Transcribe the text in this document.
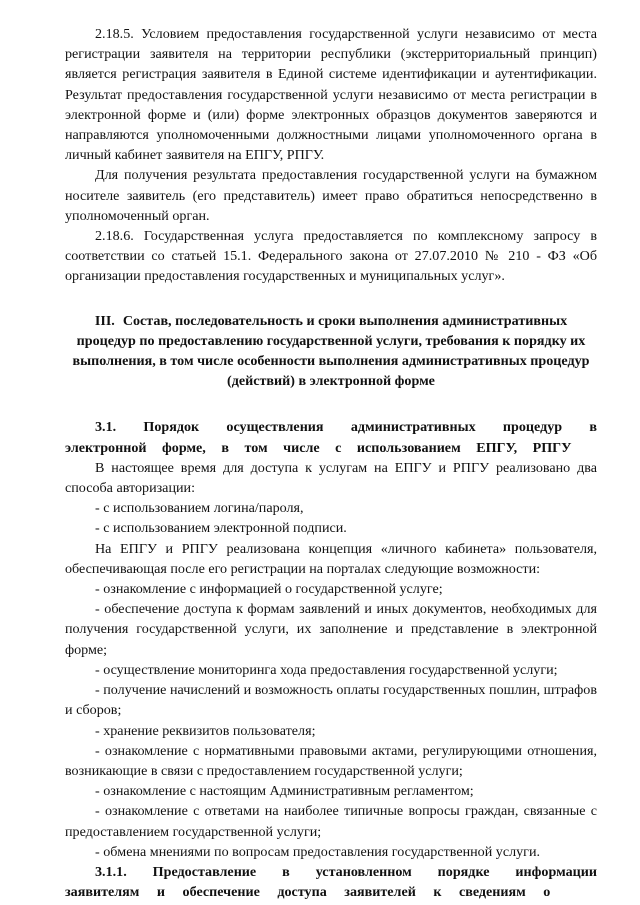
2.18.5. Условием предоставления государственной услуги независимо от места регистрации заявителя на территории республики (экстерриториальный принцип) является регистрация заявителя в Единой системе идентификации и аутентификации. Результат предоставления государственной услуги независимо от места регистрации в электронной форме и (или) форме электронных образцов документов заверяются и направляются уполномоченными должностными лицами уполномоченного органа в личный кабинет заявителя на ЕПГУ, РПГУ.

Для получения результата предоставления государственной услуги на бумажном носителе заявитель (его представитель) имеет право обратиться непосредственно в уполномоченный орган.

2.18.6. Государственная услуга предоставляется по комплексному запросу в соответствии со статьей 15.1. Федерального закона от 27.07.2010 № 210 - ФЗ «Об организации предоставления государственных и муниципальных услуг».

III. Состав, последовательность и сроки выполнения административных процедур по предоставлению государственной услуги, требования к порядку их выполнения, в том числе особенности выполнения административных процедур (действий) в электронной форме

3.1. Порядок осуществления административных процедур в электронной форме, в том числе с использованием ЕПГУ, РПГУ

В настоящее время для доступа к услугам на ЕПГУ и РПГУ реализовано два способа авторизации:

- с использованием логина/пароля,

- с использованием электронной подписи.

На ЕПГУ и РПГУ реализована концепция «личного кабинета» пользователя, обеспечивающая после его регистрации на порталах следующие возможности:

- ознакомление с информацией о государственной услуге;

- обеспечение доступа к формам заявлений и иных документов, необходимых для получения государственной услуги, их заполнение и представление в электронной форме;

- осуществление мониторинга хода предоставления государственной услуги;

- получение начислений и возможность оплаты государственных пошлин, штрафов и сборов;

- хранение реквизитов пользователя;

- ознакомление с нормативными правовыми актами, регулирующими отношения, возникающие в связи с предоставлением государственной услуги;

- ознакомление с настоящим Административным регламентом;

- ознакомление с ответами на наиболее типичные вопросы граждан, связанные с предоставлением государственной услуги;

- обмена мнениями по вопросам предоставления государственной услуги.

3.1.1. Предоставление в установленном порядке информации заявителям и обеспечение доступа заявителей к сведениям о
